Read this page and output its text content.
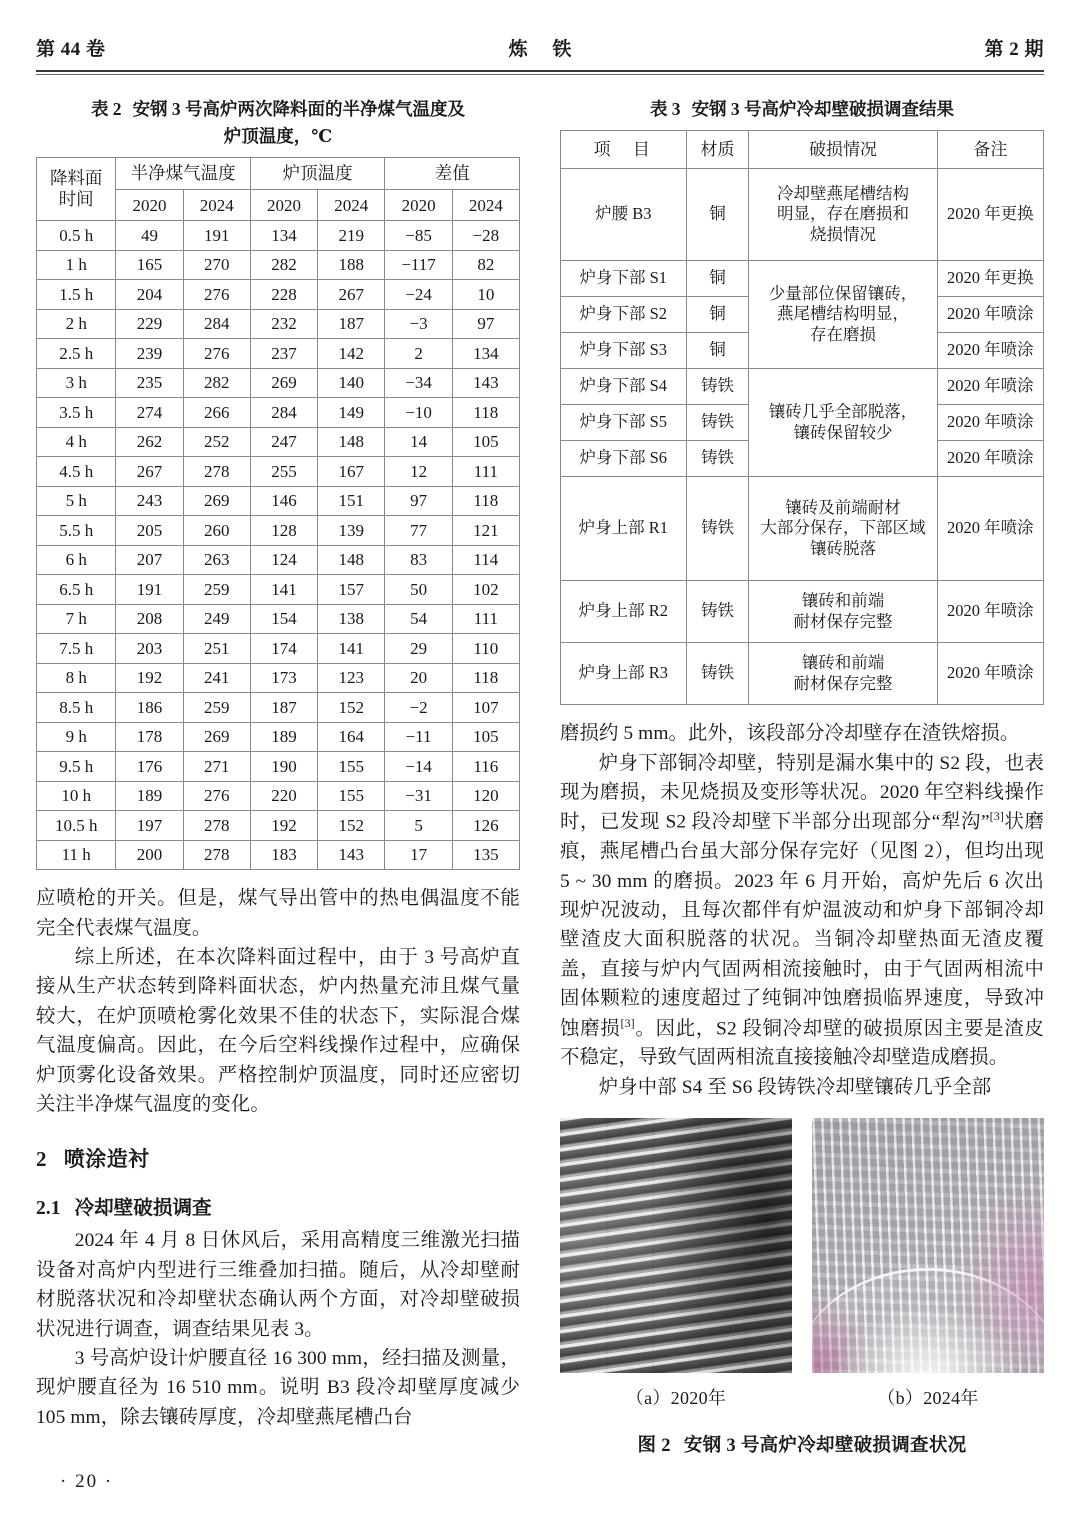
第 44 卷	炼 铁	第 2 期
表 2 安钢 3 号高炉两次降料面的半净煤气温度及
炉顶温度，℃
降料面
时间	半净煤气温度		炉顶温度		差值	
	2020	2024	2020	2024	2020	2024
0.5 h	49	191	134	219	−85	−28
1 h	165	270	282	188	−117	82
1.5 h	204	276	228	267	−24	10
2 h	229	284	232	187	−3	97
2.5 h	239	276	237	142	2	134
3 h	235	282	269	140	−34	143
3.5 h	274	266	284	149	−10	118
4 h	262	252	247	148	14	105
4.5 h	267	278	255	167	12	111
5 h	243	269	146	151	97	118
5.5 h	205	260	128	139	77	121
6 h	207	263	124	148	83	114
6.5 h	191	259	141	157	50	102
7 h	208	249	154	138	54	111
7.5 h	203	251	174	141	29	110
8 h	192	241	173	123	20	118
8.5 h	186	259	187	152	−2	107
9 h	178	269	189	164	−11	105
9.5 h	176	271	190	155	−14	116
10 h	189	276	220	155	−31	120
10.5 h	197	278	192	152	5	126
11 h	200	278	183	143	17	135

应喷枪的开关。但是，煤气导出管中的热电偶温度不能完全代表煤气温度。

综上所述，在本次降料面过程中，由于 3 号高炉直接从生产状态转到降料面状态，炉内热量充沛且煤气量较大，在炉顶喷枪雾化效果不佳的状态下，实际混合煤气温度偏高。因此，在今后空料线操作过程中，应确保炉顶雾化设备效果。严格控制炉顶温度，同时还应密切关注半净煤气温度的变化。

2 喷涂造衬
2.1 冷却壁破损调查

2024 年 4 月 8 日休风后，采用高精度三维激光扫描设备对高炉内型进行三维叠加扫描。随后，从冷却壁耐材脱落状况和冷却壁状态确认两个方面，对冷却壁破损状况进行调查，调查结果见表 3。

3 号高炉设计炉腰直径 16 300 mm，经扫描及测量，现炉腰直径为 16 510 mm。说明 B3 段冷却壁厚度减少105 mm，除去镶砖厚度，冷却壁燕尾槽凸台

表 3 安钢 3 号高炉冷却壁破损调查结果
项 目	材质	破损情况	备注
炉腰 B3	铜	冷却壁燕尾槽结构
明显，存在磨损和
烧损情况	2020 年更换
炉身下部 S1	铜	少量部位保留镶砖，
燕尾槽结构明显，
存在磨损	2020 年更换
炉身下部 S2	铜		2020 年喷涂
炉身下部 S3	铜		2020 年喷涂
炉身下部 S4	铸铁	镶砖几乎全部脱落，
镶砖保留较少	2020 年喷涂
炉身下部 S5	铸铁		2020 年喷涂
炉身下部 S6	铸铁		2020 年喷涂
炉身上部 R1	铸铁	镶砖及前端耐材
大部分保存，下部区域
镶砖脱落	2020 年喷涂
炉身上部 R2	铸铁	镶砖和前端
耐材保存完整	2020 年喷涂
炉身上部 R3	铸铁	镶砖和前端
耐材保存完整	2020 年喷涂

磨损约 5 mm。此外，该段部分冷却壁存在渣铁熔损。

炉身下部铜冷却壁，特别是漏水集中的 S2 段，也表现为磨损，未见烧损及变形等状况。2020 年空料线操作时，已发现 S2 段冷却壁下半部分出现部分“犁沟”[3]状磨痕，燕尾槽凸台虽大部分保存完好（见图 2），但均出现 5 ~ 30 mm 的磨损。2023 年 6 月开始，高炉先后 6 次出现炉况波动，且每次都伴有炉温波动和炉身下部铜冷却壁渣皮大面积脱落的状况。当铜冷却壁热面无渣皮覆盖，直接与炉内气固两相流接触时，由于气固两相流中固体颗粒的速度超过了纯铜冲蚀磨损临界速度，导致冲蚀磨损[3]。因此，S2 段铜冷却壁的破损原因主要是渣皮不稳定，导致气固两相流直接接触冷却壁造成磨损。

炉身中部 S4 至 S6 段铸铁冷却壁镶砖几乎全部

（a）2020年	（b）2024年
图 2 安钢 3 号高炉冷却壁破损调查状况
· 20 ·
